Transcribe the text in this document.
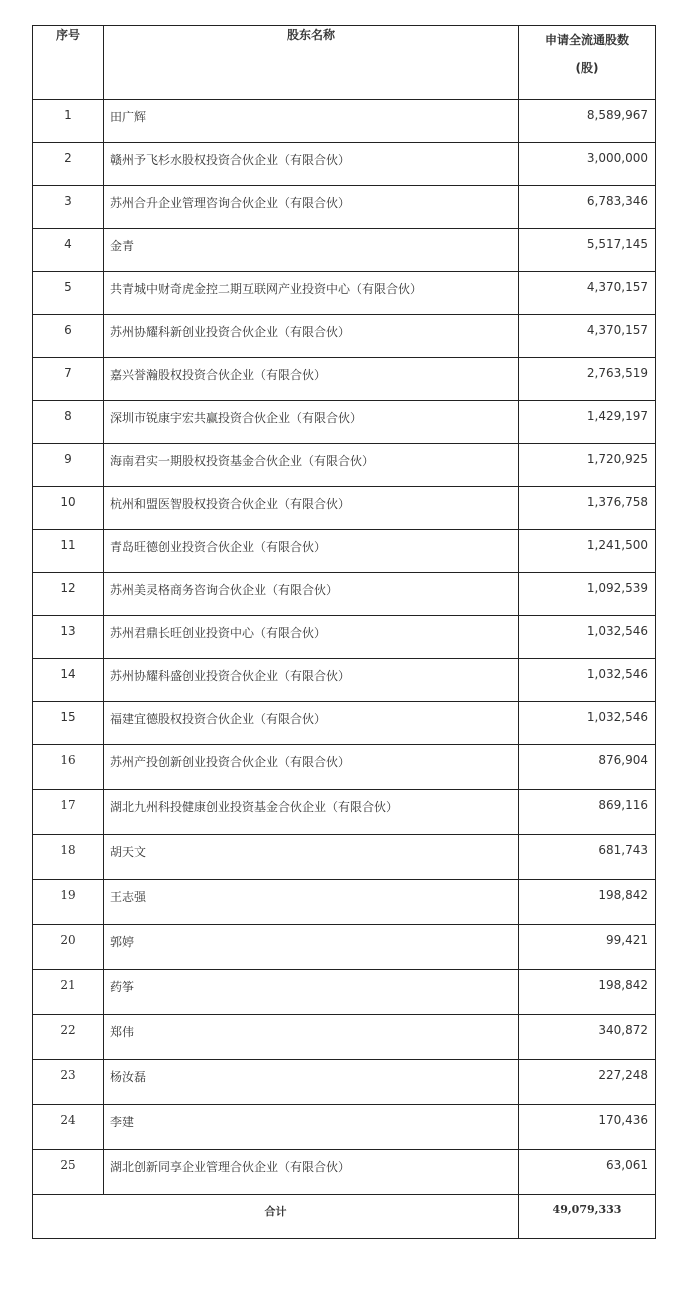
序号	股东名称	申请全流通股数
(股)

1	田广辉	8,589,967
2	赣州予飞杉水股权投资合伙企业（有限合伙）	3,000,000
3	苏州合升企业管理咨询合伙企业（有限合伙）	6,783,346
4	金青	5,517,145
5	共青城中财奇虎金控二期互联网产业投资中心（有限合伙）	4,370,157
6	苏州协耀科新创业投资合伙企业（有限合伙）	4,370,157
7	嘉兴誉瀚股权投资合伙企业（有限合伙）	2,763,519
8	深圳市锐康宇宏共赢投资合伙企业（有限合伙）	1,429,197
9	海南君实一期股权投资基金合伙企业（有限合伙）	1,720,925
10	杭州和盟医智股权投资合伙企业（有限合伙）	1,376,758
11	青岛旺德创业投资合伙企业（有限合伙）	1,241,500
12	苏州美灵格商务咨询合伙企业（有限合伙）	1,092,539
13	苏州君鼎长旺创业投资中心（有限合伙）	1,032,546
14	苏州协耀科盛创业投资合伙企业（有限合伙）	1,032,546
15	福建宜德股权投资合伙企业（有限合伙）	1,032,546
16	苏州产投创新创业投资合伙企业（有限合伙）	876,904
17	湖北九州科投健康创业投资基金合伙企业（有限合伙）	869,116
18	胡天文	681,743
19	王志强	198,842
20	郭婷	99,421
21	药筝	198,842
22	郑伟	340,872
23	杨汝磊	227,248
24	李建	170,436
25	湖北创新同享企业管理合伙企业（有限合伙）	63,061
合计		49,079,333
